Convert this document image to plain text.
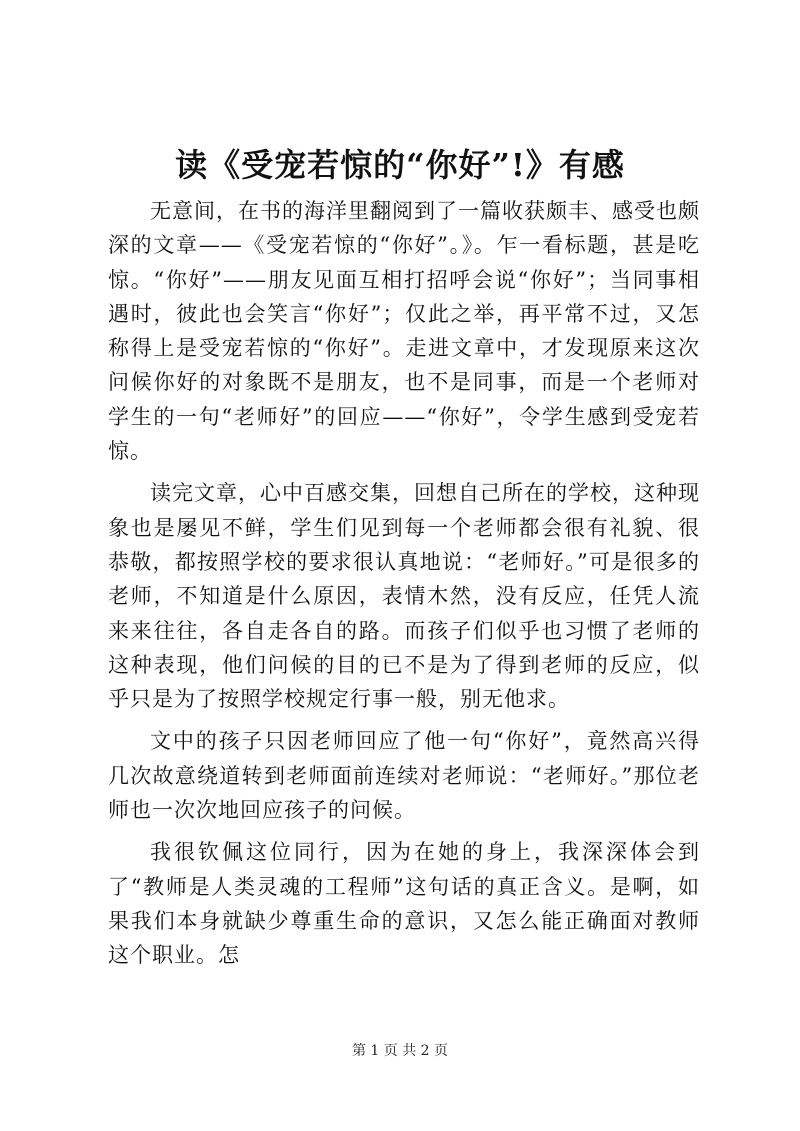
读《受宠若惊的“你好”!》有感

无意间，在书的海洋里翻阅到了一篇收获颇丰、感受也颇深的文章——《受宠若惊的“你好”。》。乍一看标题，甚是吃惊。“你好”——朋友见面互相打招呼会说“你好”；当同事相遇时，彼此也会笑言“你好”；仅此之举，再平常不过，又怎称得上是受宠若惊的“你好”。走进文章中，才发现原来这次问候你好的对象既不是朋友，也不是同事，而是一个老师对学生的一句“老师好”的回应——“你好”，令学生感到受宠若惊。

读完文章，心中百感交集，回想自己所在的学校，这种现象也是屡见不鲜，学生们见到每一个老师都会很有礼貌、很恭敬，都按照学校的要求很认真地说：“老师好。”可是很多的老师，不知道是什么原因，表情木然，没有反应，任凭人流来来往往，各自走各自的路。而孩子们似乎也习惯了老师的这种表现，他们问候的目的已不是为了得到老师的反应，似乎只是为了按照学校规定行事一般，别无他求。

文中的孩子只因老师回应了他一句“你好”，竟然高兴得几次故意绕道转到老师面前连续对老师说：“老师好。”那位老师也一次次地回应孩子的问候。

我很钦佩这位同行，因为在她的身上，我深深体会到了“教师是人类灵魂的工程师”这句话的真正含义。是啊，如果我们本身就缺少尊重生命的意识，又怎么能正确面对教师这个职业。怎

第 1 页 共 2 页
